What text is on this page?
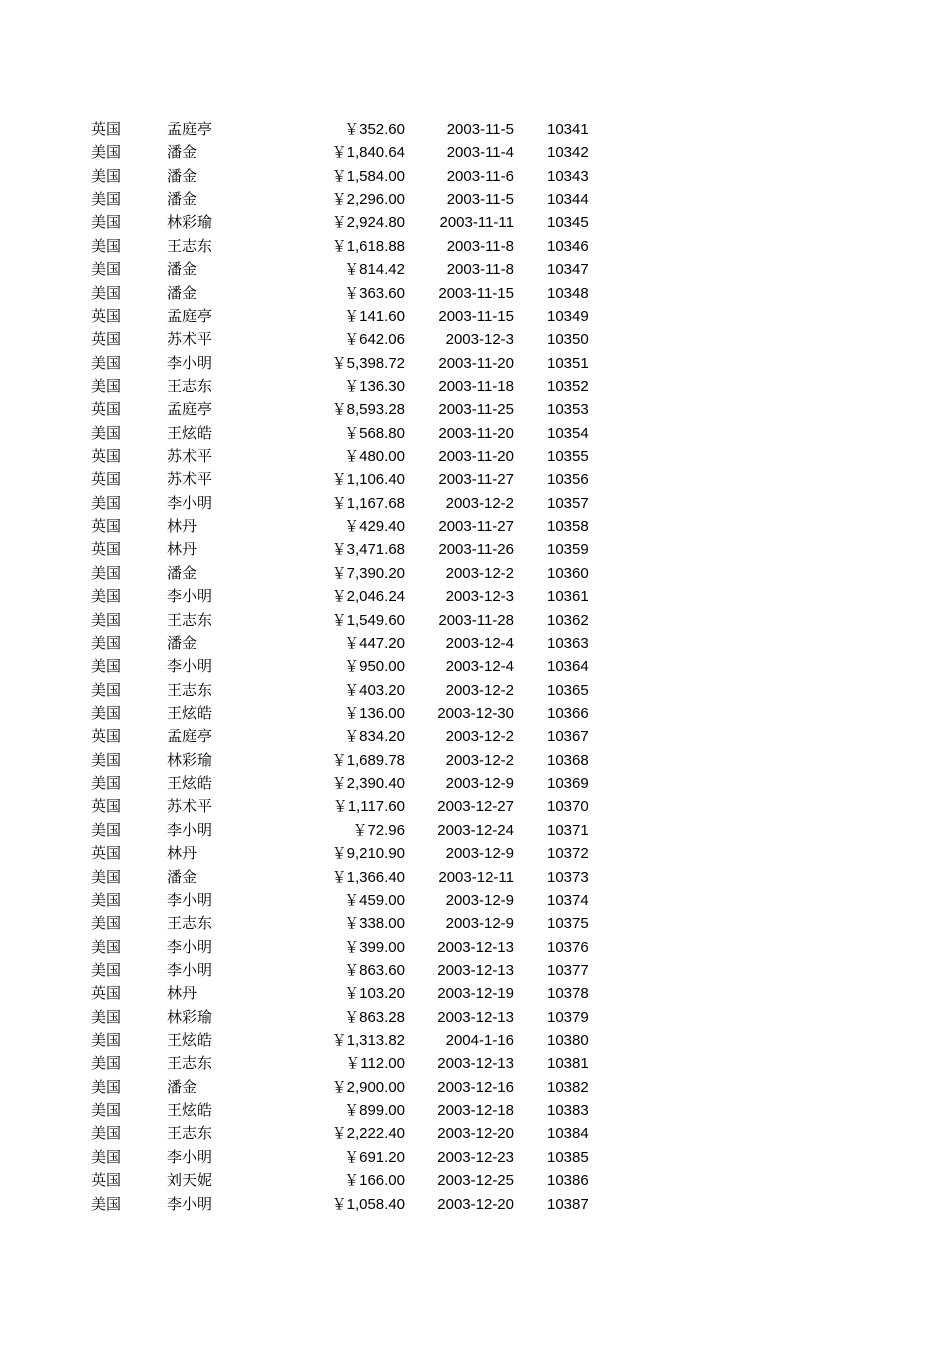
英国	孟庭亭	￥352.60	2003-11-5 10341
美国	潘金	￥1,840.64	2003-11-4 10342
美国	潘金	￥1,584.00	2003-11-6 10343
美国	潘金	￥2,296.00	2003-11-5 10344
美国	林彩瑜	￥2,924.80 2003-11-11 10345
美国	王志东	￥1,618.88	2003-11-8 10346
美国	潘金	￥814.42	2003-11-8 10347
美国	潘金	￥363.60 2003-11-15 10348
英国	孟庭亭	￥141.60 2003-11-15 10349
英国	苏术平	￥642.06	2003-12-3 10350
美国	李小明	￥5,398.72 2003-11-20 10351
美国	王志东	￥136.30 2003-11-18 10352
英国	孟庭亭	￥8,593.28 2003-11-25 10353
美国	王炫皓	￥568.80 2003-11-20 10354
英国	苏术平	￥480.00 2003-11-20 10355
英国	苏术平	￥1,106.40 2003-11-27 10356
美国	李小明	￥1,167.68	2003-12-2 10357
英国	林丹	￥429.40 2003-11-27 10358
英国	林丹	￥3,471.68 2003-11-26 10359
美国	潘金	￥7,390.20	2003-12-2 10360
美国	李小明	￥2,046.24	2003-12-3 10361
美国	王志东	￥1,549.60 2003-11-28 10362
美国	潘金	￥447.20	2003-12-4 10363
美国	李小明	￥950.00	2003-12-4 10364
美国	王志东	￥403.20	2003-12-2 10365
美国	王炫皓	￥136.00 2003-12-30 10366
英国	孟庭亭	￥834.20	2003-12-2 10367
美国	林彩瑜	￥1,689.78	2003-12-2 10368
美国	王炫皓	￥2,390.40	2003-12-9 10369
英国	苏术平	￥1,117.60 2003-12-27 10370
美国	李小明	￥72.96 2003-12-24 10371
英国	林丹	￥9,210.90	2003-12-9 10372
美国	潘金	￥1,366.40 2003-12-11 10373
美国	李小明	￥459.00	2003-12-9 10374
美国	王志东	￥338.00	2003-12-9 10375
美国	李小明	￥399.00 2003-12-13 10376
美国	李小明	￥863.60 2003-12-13 10377
英国	林丹	￥103.20 2003-12-19 10378
美国	林彩瑜	￥863.28 2003-12-13 10379
美国	王炫皓	￥1,313.82	2004-1-16 10380
美国	王志东	￥112.00 2003-12-13 10381
美国	潘金	￥2,900.00 2003-12-16 10382
美国	王炫皓	￥899.00 2003-12-18 10383
美国	王志东	￥2,222.40 2003-12-20 10384
美国	李小明	￥691.20 2003-12-23 10385
英国	刘天妮	￥166.00 2003-12-25 10386
美国	李小明	￥1,058.40 2003-12-20 10387
